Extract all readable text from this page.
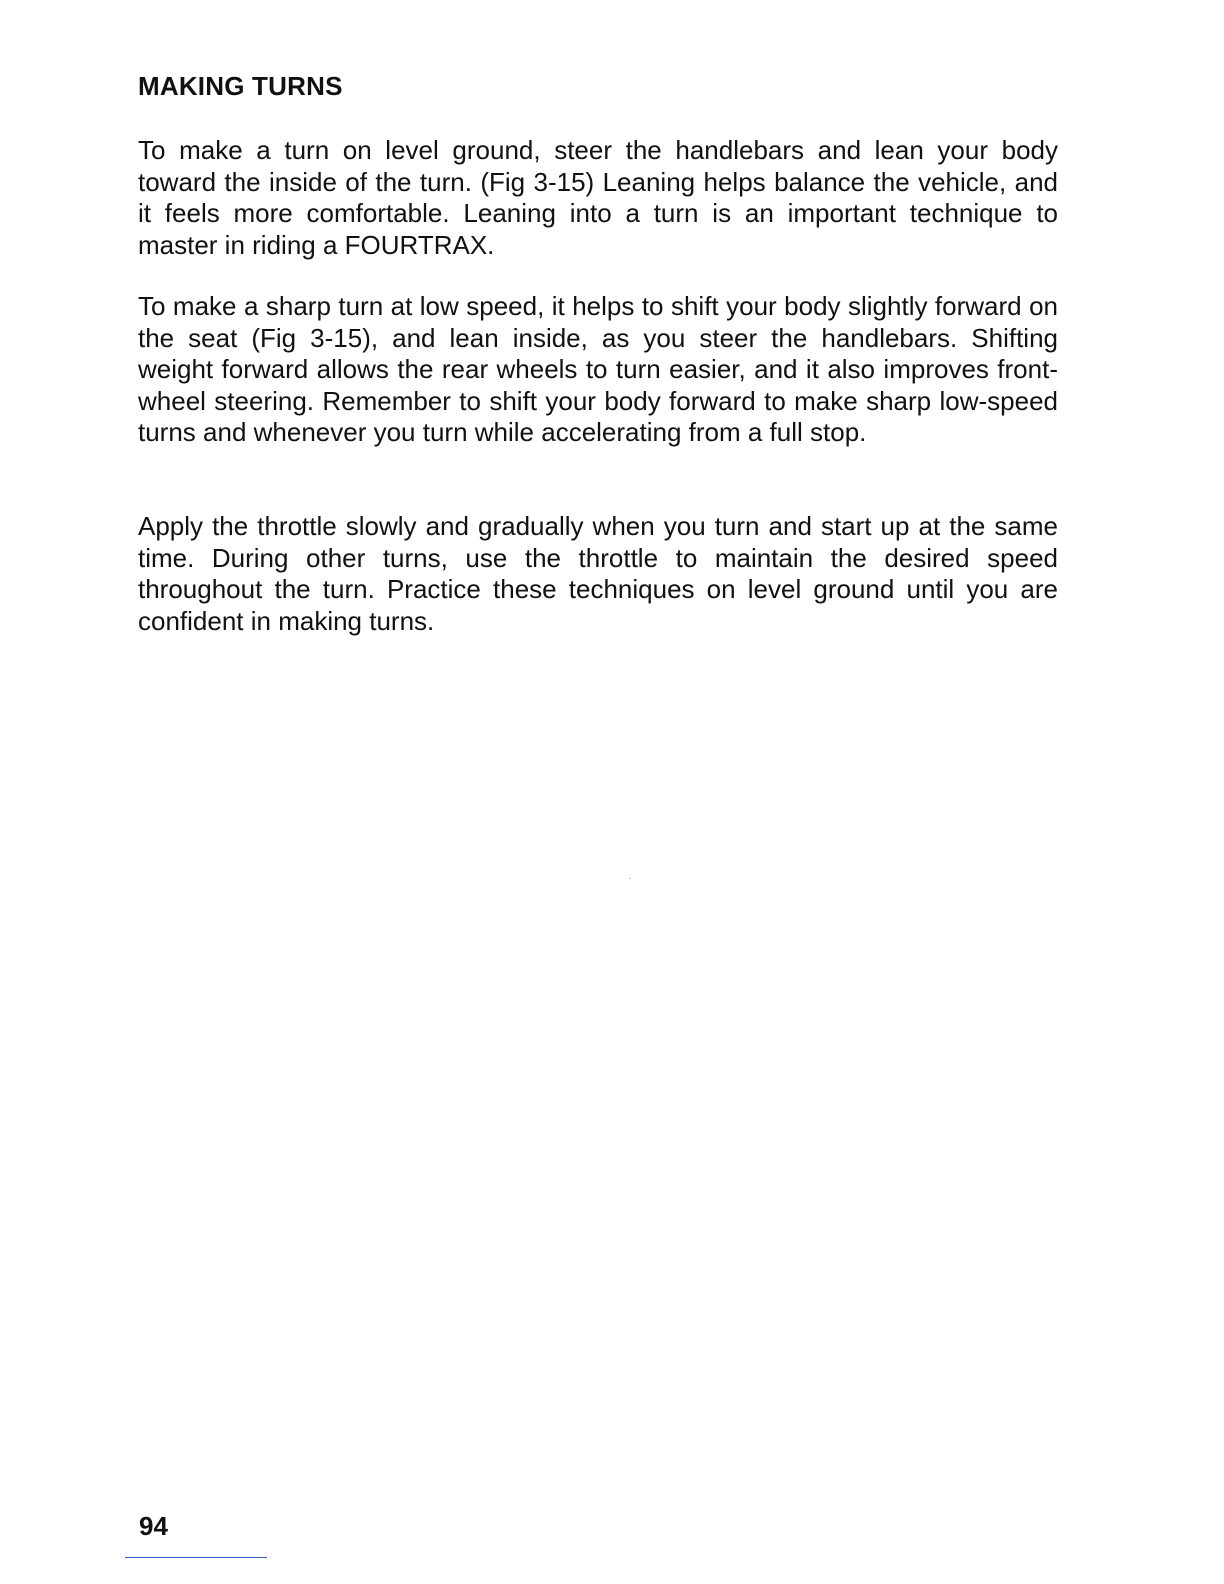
MAKING TURNS

To make a turn on level ground, steer the handlebars and lean your body toward the inside of the turn. (Fig 3-15) Leaning helps balance the vehicle, and it feels more comfortable. Leaning into a turn is an important technique to master in riding a FOURTRAX.

To make a sharp turn at low speed, it helps to shift your body slightly forward on the seat (Fig 3-15), and lean inside, as you steer the handlebars. Shifting weight forward allows the rear wheels to turn easier, and it also improves front-wheel steering. Remember to shift your body forward to make sharp low-speed turns and whenever you turn while accelerating from a full stop.

Apply the throttle slowly and gradually when you turn and start up at the same time. During other turns, use the throttle to maintain the desired speed throughout the turn. Practice these techniques on level ground until you are confident in making turns.

94
